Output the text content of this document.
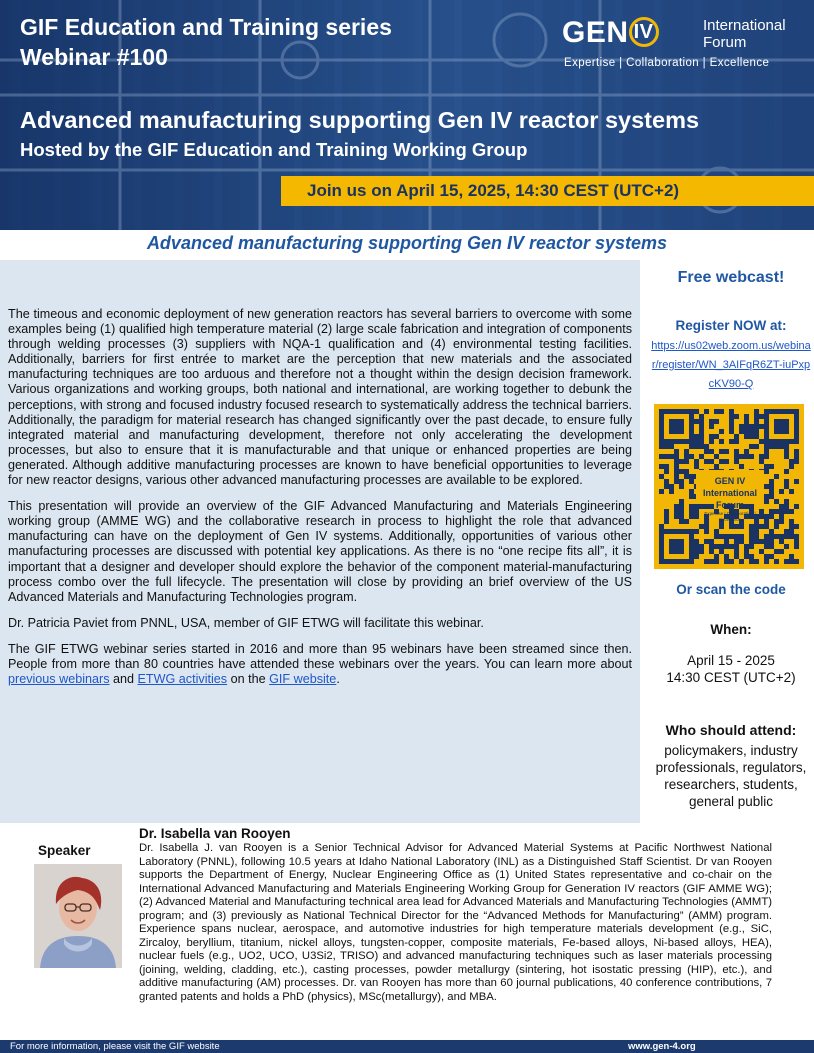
GIF Education and Training series
Webinar #100
GEN IV	International
Forum
Expertise | Collaboration | Excellence
Advanced manufacturing supporting Gen IV reactor systems
Hosted by the GIF Education and Training Working Group
Join us on April 15, 2025, 14:30 CEST (UTC+2)
Advanced manufacturing supporting Gen IV reactor systems

The timeous and economic deployment of new generation reactors has several barriers to overcome with some examples being (1) qualified high temperature material (2) large scale fabrication and integration of components through welding processes (3) suppliers with NQA-1 qualification and (4) environmental testing facilities. Additionally, barriers for first entrée to market are the perception that new materials and the associated manufacturing techniques are too arduous and therefore not a thought within the design decision framework. Various organizations and working groups, both national and international, are working together to debunk the perceptions, with strong and focused industry focused research to systematically address the technical barriers. Additionally, the paradigm for material research has changed significantly over the past decade, to ensure fully integrated material and manufacturing development, therefore not only accelerating the development processes, but also to ensure that it is manufacturable and that unique or enhanced properties are being generated. Although additive manufacturing processes are known to have beneficial opportunities to leverage for new reactor designs, various other advanced manufacturing processes are available to be explored.

This presentation will provide an overview of the GIF Advanced Manufacturing and Materials Engineering working group (AMME WG) and the collaborative research in process to highlight the role that advanced manufacturing can have on the deployment of Gen IV systems. Additionally, opportunities of various other manufacturing processes are discussed with potential key applications. As there is no “one recipe fits all”, it is important that a designer and developer should explore the behavior of the component material-manufacturing process combo over the full lifecycle. The presentation will close by providing an brief overview of the US Advanced Materials and Manufacturing Technologies program.

Dr. Patricia Paviet from PNNL, USA, member of GIF ETWG will facilitate this webinar.

The GIF ETWG webinar series started in 2016 and more than 95 webinars have been streamed since then. People from more than 80 countries have attended these webinars over the years. You can learn more about previous webinars and ETWG activities on the GIF website.

Free webcast!
Register NOW at:
https://us02web.zoom.us/webinar/register/WN_3AIFqR6ZT-iuPxpcKV90-Q
GEN IV International Forum
Expertise | Collaboration | Excellence
Or scan the code
When:
April 15 - 2025
14:30 CEST (UTC+2)
Who should attend:
policymakers, industry professionals, regulators, researchers, students, general public
Speaker
Dr. Isabella van Rooyen
Dr. Isabella J. van Rooyen is a Senior Technical Advisor for Advanced Material Systems at Pacific Northwest National Laboratory (PNNL), following 10.5 years at Idaho National Laboratory (INL) as a Distinguished Staff Scientist. Dr van Rooyen supports the Department of Energy, Nuclear Engineering Office as (1) United States representative and co-chair on the International Advanced Manufacturing and Materials Engineering Working Group for Generation IV reactors (GIF AMME WG); (2) Advanced Material and Manufacturing technical area lead for Advanced Materials and Manufacturing Technologies (AMMT) program; and (3) previously as National Technical Director for the “Advanced Methods for Manufacturing” (AMM) program. Experience spans nuclear, aerospace, and automotive industries for high temperature materials development (e.g., SiC, Zircaloy, beryllium, titanium, nickel alloys, tungsten-copper, composite materials, Fe-based alloys, Ni-based alloys, HEA), nuclear fuels (e.g., UO2, UCO, U3Si2, TRISO) and advanced manufacturing techniques such as laser materials processing (joining, welding, cladding, etc.), casting processes, powder metallurgy (sintering, hot isostatic pressing (HIP), etc.), and additive manufacturing (AM) processes. Dr. van Rooyen has more than 60 journal publications, 40 conference contributions, 7 granted patents and holds a PhD (physics), MSc(metallurgy), and MBA.
For more information, please visit the GIF website	www.gen-4.org
